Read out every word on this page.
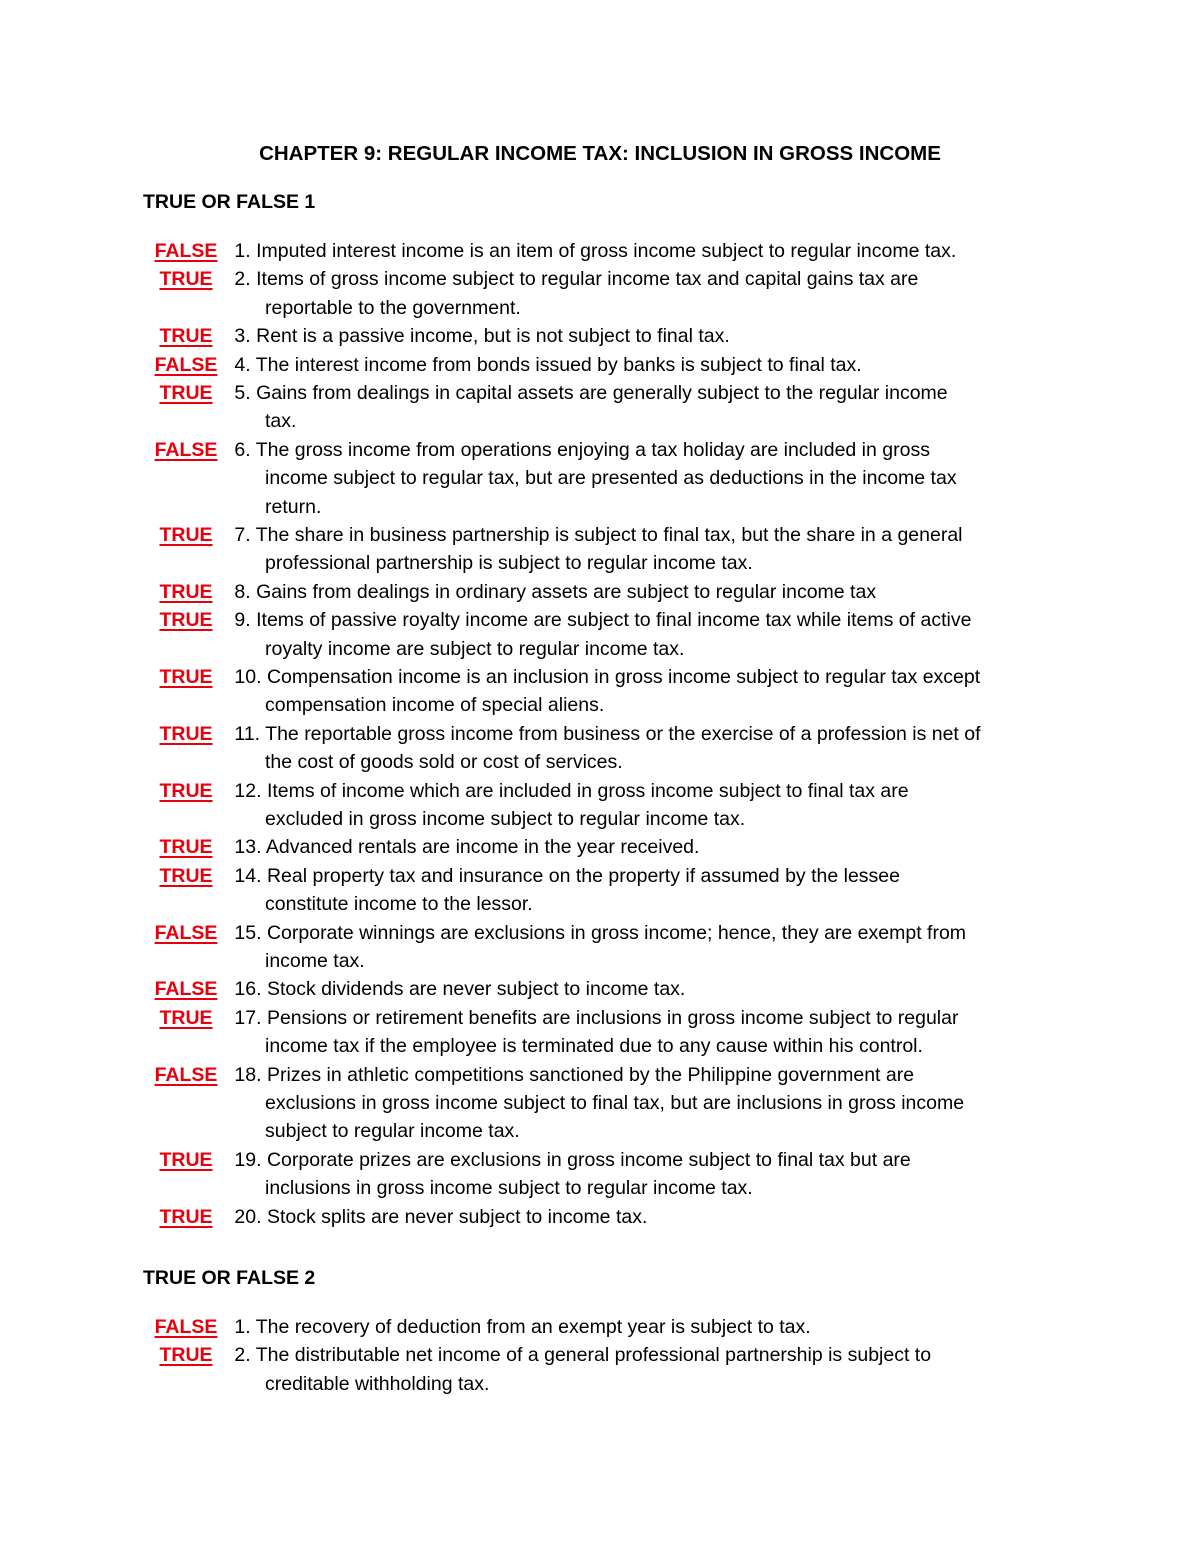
CHAPTER 9: REGULAR INCOME TAX: INCLUSION IN GROSS INCOME
TRUE OR FALSE 1
FALSE 1. Imputed interest income is an item of gross income subject to regular income tax.
TRUE 2. Items of gross income subject to regular income tax and capital gains tax are
reportable to the government.
TRUE 3. Rent is a passive income, but is not subject to final tax.
FALSE 4. The interest income from bonds issued by banks is subject to final tax.
TRUE 5. Gains from dealings in capital assets are generally subject to the regular income
tax.
FALSE 6. The gross income from operations enjoying a tax holiday are included in gross
income subject to regular tax, but are presented as deductions in the income tax
return.
TRUE 7. The share in business partnership is subject to final tax, but the share in a general
professional partnership is subject to regular income tax.
TRUE 8. Gains from dealings in ordinary assets are subject to regular income tax
TRUE 9. Items of passive royalty income are subject to final income tax while items of active
royalty income are subject to regular income tax.
TRUE 10. Compensation income is an inclusion in gross income subject to regular tax except
compensation income of special aliens.
TRUE 11. The reportable gross income from business or the exercise of a profession is net of
the cost of goods sold or cost of services.
TRUE 12. Items of income which are included in gross income subject to final tax are
excluded in gross income subject to regular income tax.
TRUE 13. Advanced rentals are income in the year received.
TRUE 14. Real property tax and insurance on the property if assumed by the lessee
constitute income to the lessor.
FALSE 15. Corporate winnings are exclusions in gross income; hence, they are exempt from
income tax.
FALSE 16. Stock dividends are never subject to income tax.
TRUE 17. Pensions or retirement benefits are inclusions in gross income subject to regular
income tax if the employee is terminated due to any cause within his control.
FALSE 18. Prizes in athletic competitions sanctioned by the Philippine government are
exclusions in gross income subject to final tax, but are inclusions in gross income
subject to regular income tax.
TRUE 19. Corporate prizes are exclusions in gross income subject to final tax but are
inclusions in gross income subject to regular income tax.
TRUE 20. Stock splits are never subject to income tax.
TRUE OR FALSE 2
FALSE 1. The recovery of deduction from an exempt year is subject to tax.
TRUE 2. The distributable net income of a general professional partnership is subject to
creditable withholding tax.
